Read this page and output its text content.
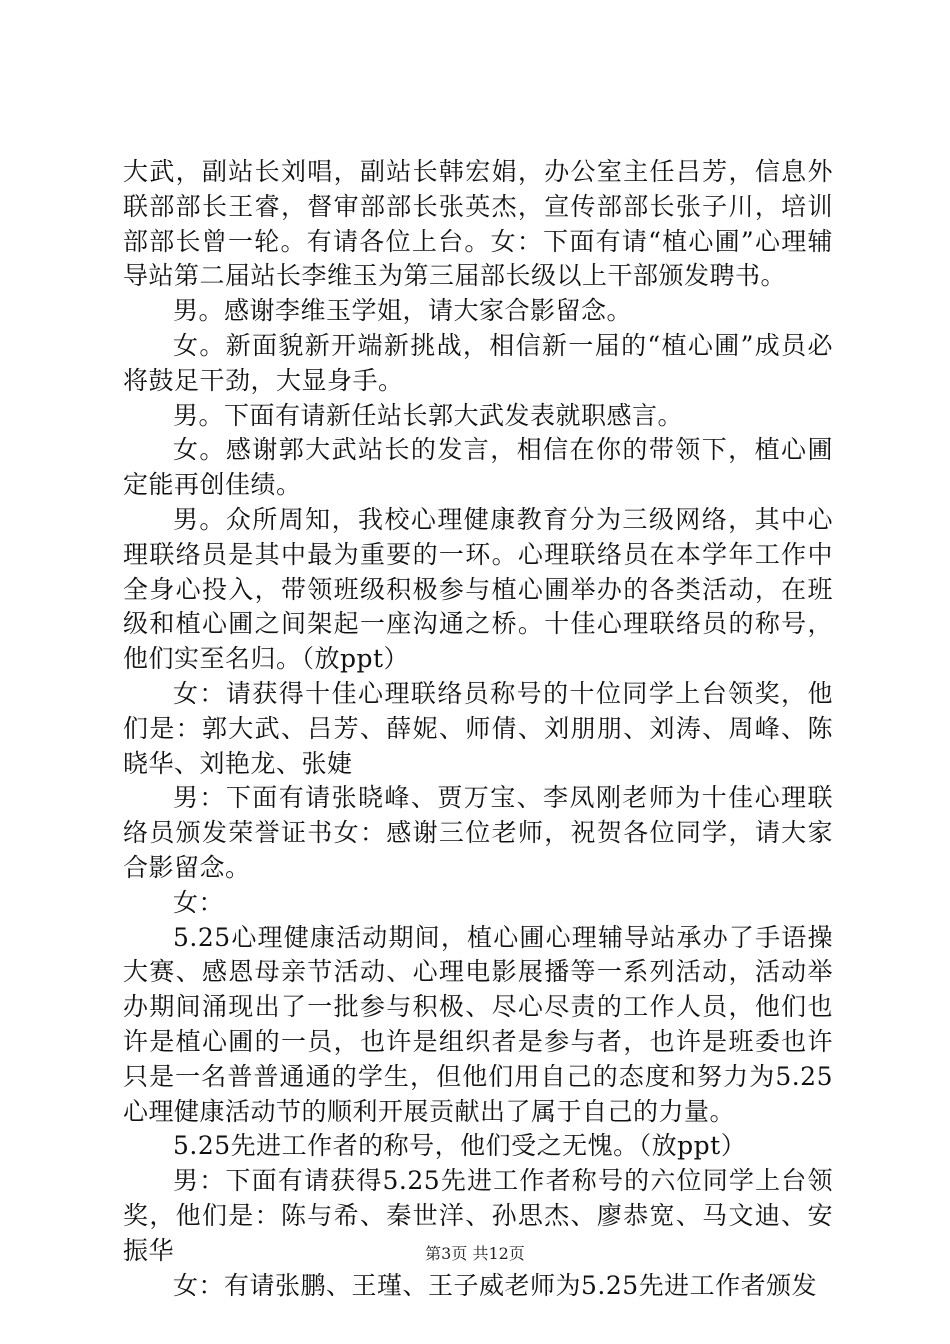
大武，副站长刘唱，副站长韩宏娟，办公室主任吕芳，信息外联部部长王睿，督审部部长张英杰，宣传部部长张子川，培训部部长曾一轮。有请各位上台。女：下面有请“植心圃”心理辅导站第二届站长李维玉为第三届部长级以上干部颁发聘书。

男。感谢李维玉学姐，请大家合影留念。

女。新面貌新开端新挑战，相信新一届的“植心圃”成员必将鼓足干劲，大显身手。

男。下面有请新任站长郭大武发表就职感言。

女。感谢郭大武站长的发言，相信在你的带领下，植心圃定能再创佳绩。

男。众所周知，我校心理健康教育分为三级网络，其中心理联络员是其中最为重要的一环。心理联络员在本学年工作中全身心投入，带领班级积极参与植心圃举办的各类活动，在班级和植心圃之间架起一座沟通之桥。十佳心理联络员的称号，他们实至名归。（放ppt）

女：请获得十佳心理联络员称号的十位同学上台领奖，他们是：郭大武、吕芳、薛妮、师倩、刘朋朋、刘涛、周峰、陈晓华、刘艳龙、张婕

男：下面有请张晓峰、贾万宝、李凤刚老师为十佳心理联络员颁发荣誉证书女：感谢三位老师，祝贺各位同学，请大家合影留念。

女：

5.25心理健康活动期间，植心圃心理辅导站承办了手语操大赛、感恩母亲节活动、心理电影展播等一系列活动，活动举办期间涌现出了一批参与积极、尽心尽责的工作人员，他们也许是植心圃的一员，也许是组织者是参与者，也许是班委也许只是一名普普通通的学生，但他们用自己的态度和努力为5.25心理健康活动节的顺利开展贡献出了属于自己的力量。

5.25先进工作者的称号，他们受之无愧。（放ppt）

男：下面有请获得5.25先进工作者称号的六位同学上台领奖，他们是：陈与希、秦世洋、孙思杰、廖恭宽、马文迪、安振华

女：有请张鹏、王瑾、王子威老师为5.25先进工作者颁发

第3页 共12页
